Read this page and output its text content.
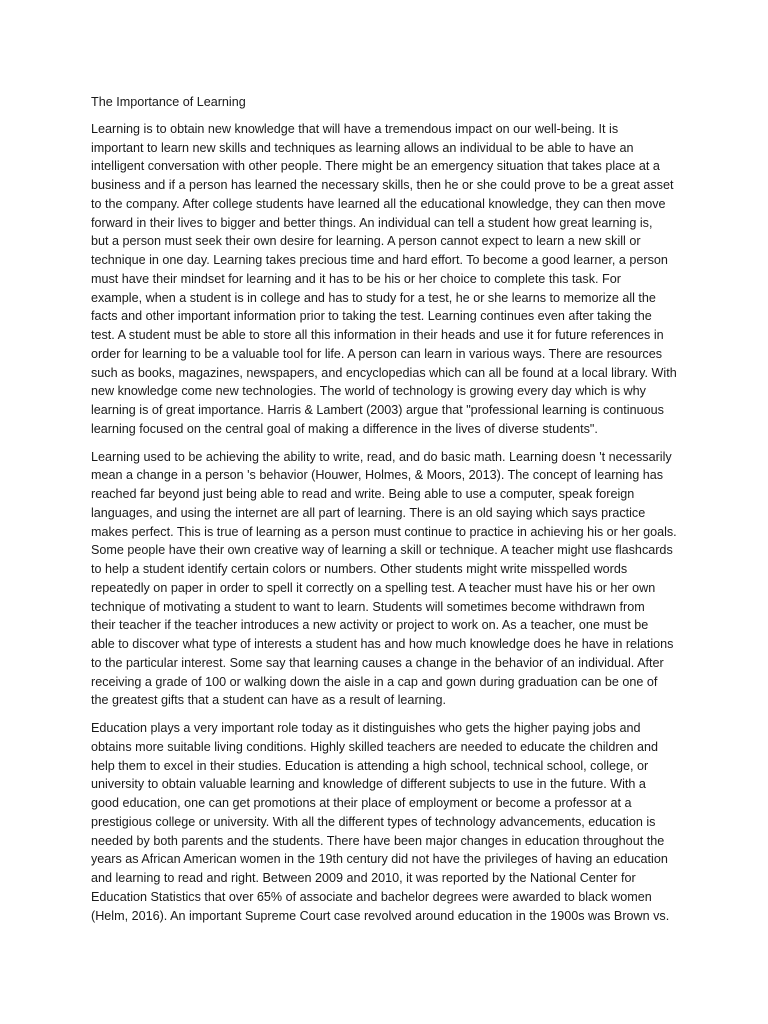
The Importance of Learning
Learning is to obtain new knowledge that will have a tremendous impact on our well-being. It is
important to learn new skills and techniques as learning allows an individual to be able to have an
intelligent conversation with other people. There might be an emergency situation that takes place at a
business and if a person has learned the necessary skills, then he or she could prove to be a great asset
to the company. After college students have learned all the educational knowledge, they can then move
forward in their lives to bigger and better things. An individual can tell a student how great learning is,
but a person must seek their own desire for learning. A person cannot expect to learn a new skill or
technique in one day. Learning takes precious time and hard effort. To become a good learner, a person
must have their mindset for learning and it has to be his or her choice to complete this task. For
example, when a student is in college and has to study for a test, he or she learns to memorize all the
facts and other important information prior to taking the test. Learning continues even after taking the
test. A student must be able to store all this information in their heads and use it for future references in
order for learning to be a valuable tool for life. A person can learn in various ways. There are resources
such as books, magazines, newspapers, and encyclopedias which can all be found at a local library. With
new knowledge come new technologies. The world of technology is growing every day which is why
learning is of great importance. Harris & Lambert (2003) argue that "professional learning is continuous
learning focused on the central goal of making a difference in the lives of diverse students".
Learning used to be achieving the ability to write, read, and do basic math. Learning doesn 't necessarily
mean a change in a person 's behavior (Houwer, Holmes, & Moors, 2013). The concept of learning has
reached far beyond just being able to read and write. Being able to use a computer, speak foreign
languages, and using the internet are all part of learning. There is an old saying which says practice
makes perfect. This is true of learning as a person must continue to practice in achieving his or her goals.
Some people have their own creative way of learning a skill or technique. A teacher might use flashcards
to help a student identify certain colors or numbers. Other students might write misspelled words
repeatedly on paper in order to spell it correctly on a spelling test. A teacher must have his or her own
technique of motivating a student to want to learn. Students will sometimes become withdrawn from
their teacher if the teacher introduces a new activity or project to work on. As a teacher, one must be
able to discover what type of interests a student has and how much knowledge does he have in relations
to the particular interest. Some say that learning causes a change in the behavior of an individual. After
receiving a grade of 100 or walking down the aisle in a cap and gown during graduation can be one of
the greatest gifts that a student can have as a result of learning.
Education plays a very important role today as it distinguishes who gets the higher paying jobs and
obtains more suitable living conditions. Highly skilled teachers are needed to educate the children and
help them to excel in their studies. Education is attending a high school, technical school, college, or
university to obtain valuable learning and knowledge of different subjects to use in the future. With a
good education, one can get promotions at their place of employment or become a professor at a
prestigious college or university. With all the different types of technology advancements, education is
needed by both parents and the students. There have been major changes in education throughout the
years as African American women in the 19th century did not have the privileges of having an education
and learning to read and right. Between 2009 and 2010, it was reported by the National Center for
Education Statistics that over 65% of associate and bachelor degrees were awarded to black women
(Helm, 2016). An important Supreme Court case revolved around education in the 1900s was Brown vs.
